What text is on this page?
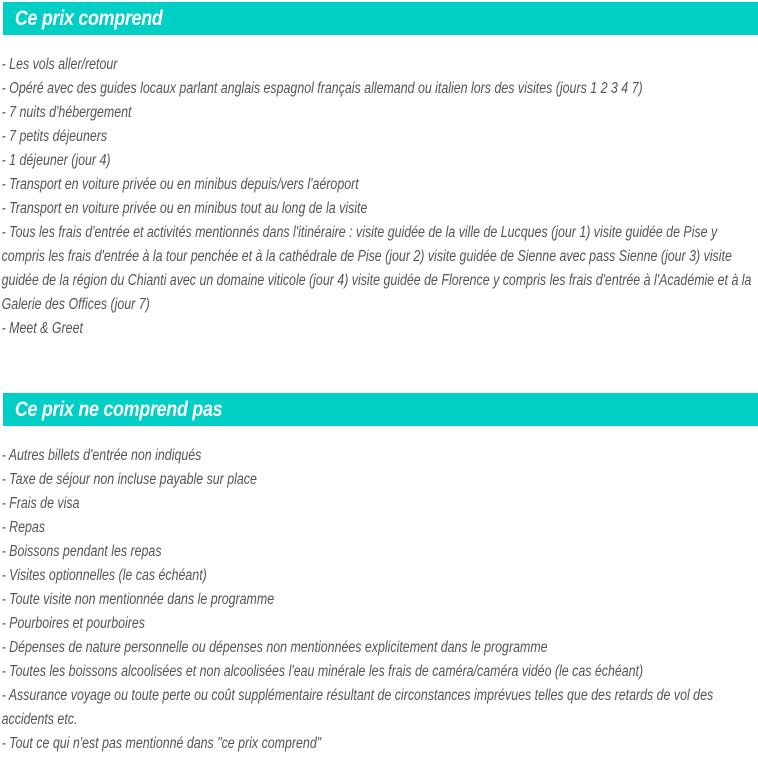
Ce prix comprend
- Les vols aller/retour
- Opéré avec des guides locaux parlant anglais espagnol français allemand ou italien lors des visites (jours 1 2 3 4 7)
- 7 nuits d'hébergement
- 7 petits déjeuners
- 1 déjeuner (jour 4)
- Transport en voiture privée ou en minibus depuis/vers l'aéroport
- Transport en voiture privée ou en minibus tout au long de la visite
- Tous les frais d'entrée et activités mentionnés dans l'itinéraire : visite guidée de la ville de Lucques (jour 1) visite guidée de Pise y compris les frais d'entrée à la tour penchée et à la cathédrale de Pise (jour 2) visite guidée de Sienne avec pass Sienne (jour 3) visite guidée de la région du Chianti avec un domaine viticole (jour 4) visite guidée de Florence y compris les frais d'entrée à l'Académie et à la Galerie des Offices (jour 7)
- Meet & Greet
Ce prix ne comprend pas
- Autres billets d'entrée non indiqués
- Taxe de séjour non incluse payable sur place
- Frais de visa
- Repas
- Boissons pendant les repas
- Visites optionnelles (le cas échéant)
- Toute visite non mentionnée dans le programme
- Pourboires et pourboires
- Dépenses de nature personnelle ou dépenses non mentionnées explicitement dans le programme
- Toutes les boissons alcoolisées et non alcoolisées l'eau minérale les frais de caméra/caméra vidéo (le cas échéant)
- Assurance voyage ou toute perte ou coût supplémentaire résultant de circonstances imprévues telles que des retards de vol des accidents etc.
- Tout ce qui n'est pas mentionné dans "ce prix comprend"
